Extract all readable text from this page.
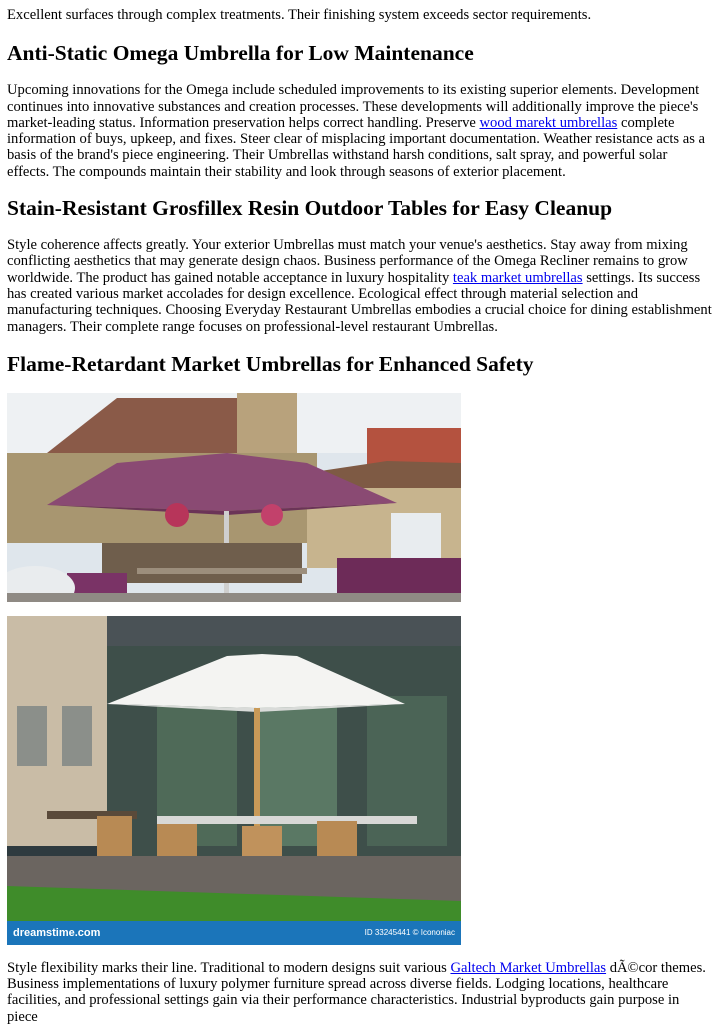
Excellent surfaces through complex treatments. Their finishing system exceeds sector requirements.

Anti-Static Omega Umbrella for Low Maintenance

Upcoming innovations for the Omega include scheduled improvements to its existing superior elements. Development continues into innovative substances and creation processes. These developments will additionally improve the piece's market-leading status. Information preservation helps correct handling. Preserve wood marekt umbrellas complete information of buys, upkeep, and fixes. Steer clear of misplacing important documentation. Weather resistance acts as a basis of the brand's piece engineering. Their Umbrellas withstand harsh conditions, salt spray, and powerful solar effects. The compounds maintain their stability and look through seasons of exterior placement.

Stain-Resistant Grosfillex Resin Outdoor Tables for Easy Cleanup

Style coherence affects greatly. Your exterior Umbrellas must match your venue's aesthetics. Stay away from mixing conflicting aesthetics that may generate design chaos. Business performance of the Omega Recliner remains to grow worldwide. The product has gained notable acceptance in luxury hospitality teak market umbrellas settings. Its success has created various market accolades for design excellence. Ecological effect through material selection and manufacturing techniques. Choosing Everyday Restaurant Umbrellas embodies a crucial choice for dining establishment managers. Their complete range focuses on professional-level restaurant Umbrellas.

Flame-Retardant Market Umbrellas for Enhanced Safety
dreamstime.com	ID 33245441 © Icononiac

Style flexibility marks their line. Traditional to modern designs suit various Galtech Market Umbrellas dÃ©cor themes. Business implementations of luxury polymer furniture spread across diverse fields. Lodging locations, healthcare facilities, and professional settings gain via their performance characteristics. Industrial byproducts gain purpose in piece
